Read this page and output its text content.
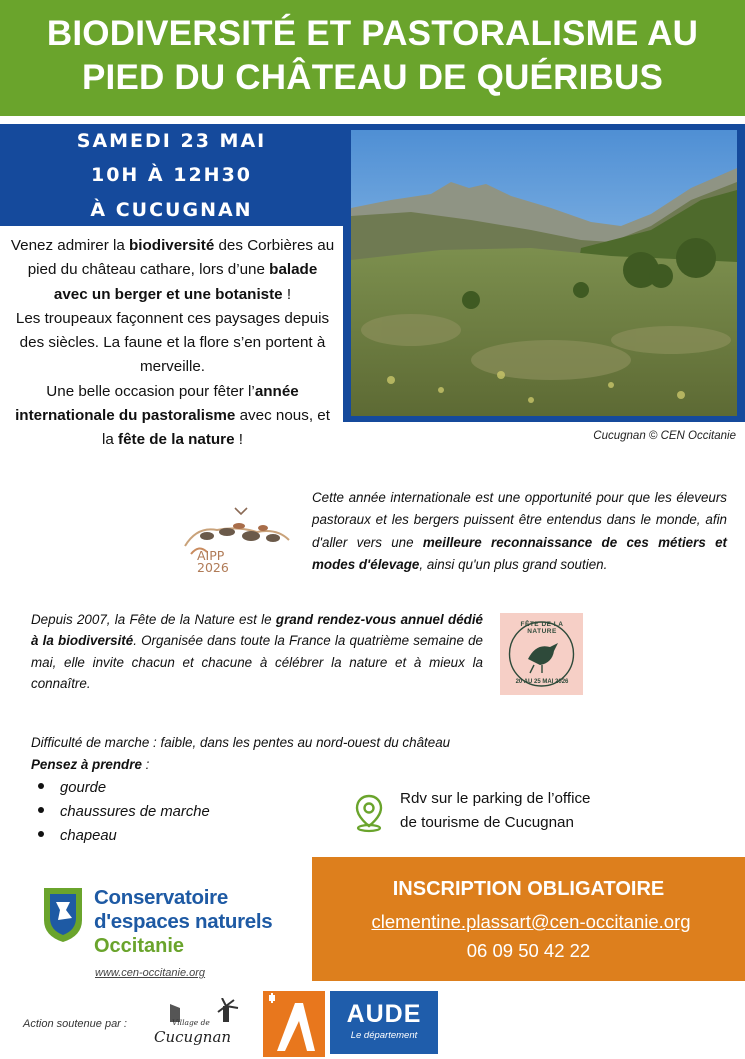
BIODIVERSITÉ ET PASTORALISME AU
PIED DU CHÂTEAU DE QUÉRIBUS
SAMEDI 23 MAI
10H À 12H30
À CUCUGNAN
Cucugnan © CEN Occitanie
Venez admirer la biodiversité des Corbières au pied du château cathare, lors d’une balade avec un berger et une botaniste !
Les troupeaux façonnent ces paysages depuis des siècles. La faune et la flore s’en portent à merveille.
Une belle occasion pour fêter l’année internationale du pastoralisme avec nous, et la fête de la nature !
AIPP 2026
Cette année internationale est une opportunité pour que les éleveurs pastoraux et les bergers puissent être entendus dans le monde, afin d'aller vers une meilleure reconnaissance de ces métiers et modes d'élevage, ainsi qu'un plus grand soutien.
Depuis 2007, la Fête de la Nature est le grand rendez-vous annuel dédié à la biodiversité. Organisée dans toute la France la quatrième semaine de mai, elle invite chacun et chacune à célébrer la nature et à mieux la connaître.
FÊTE DE LA NATURE
20 AU 25 MAI 2026
Difficulté de marche : faible, dans les pentes au nord-ouest du château
Pensez à prendre :
gourde
chaussures de marche
chapeau
Rdv sur le parking de l’office
de tourisme de Cucugnan
INSCRIPTION OBLIGATOIRE
clementine.plassart@cen-occitanie.org
06 09 50 42 22
Conservatoire
d'espaces naturels
Occitanie
www.cen-occitanie.org
Action soutenue par :	Village de
Cucugnan
AUDE
Le département
